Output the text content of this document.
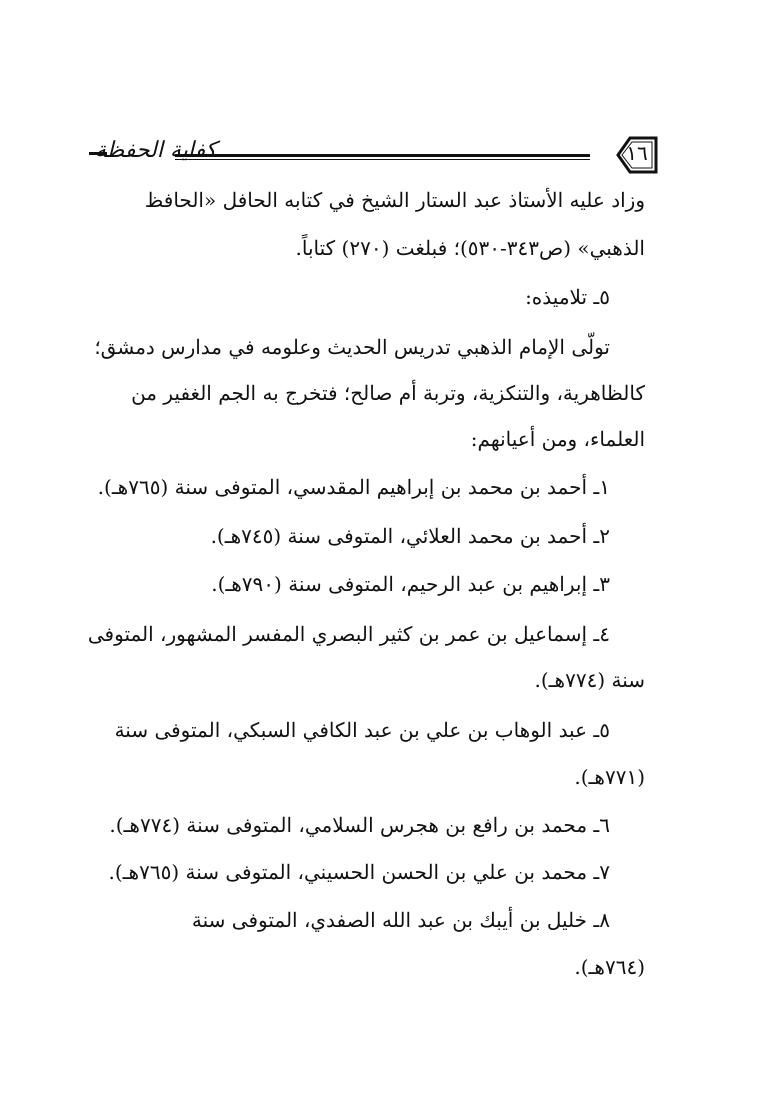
كفاية الحفظة	١٦
وزاد عليه الأستاذ عبد الستار الشيخ في كتابه الحافل «الحافظ
الذهبي» (ص٣٤٣-٥٣٠)؛ فبلغت (٢٧٠) كتاباً.
٥ـ تلاميذه:
تولّى الإمام الذهبي تدريس الحديث وعلومه في مدارس دمشق؛
كالظاهرية، والتنكزية، وتربة أم صالح؛ فتخرج به الجم الغفير من
العلماء، ومن أعيانهم:
١ـ أحمد بن محمد بن إبراهيم المقدسي، المتوفى سنة (٧٦٥هـ).
٢ـ أحمد بن محمد العلائي، المتوفى سنة (٧٤٥هـ).
٣ـ إبراهيم بن عبد الرحيم، المتوفى سنة (٧٩٠هـ).
٤ـ إسماعيل بن عمر بن كثير البصري المفسر المشهور، المتوفى
سنة (٧٧٤هـ).
٥ـ عبد الوهاب بن علي بن عبد الكافي السبكي، المتوفى سنة
(٧٧١هـ).
٦ـ محمد بن رافع بن هجرس السلامي، المتوفى سنة (٧٧٤هـ).
٧ـ محمد بن علي بن الحسن الحسيني، المتوفى سنة (٧٦٥هـ).
٨ـ خليل بن أيبك بن عبد الله الصفدي، المتوفى سنة
(٧٦٤هـ).
